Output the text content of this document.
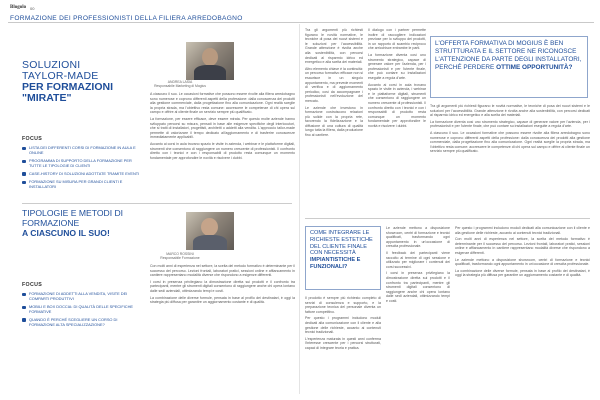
Blogolo 00
FORMAZIONE DEI PROFESSIONISTI DELLA FILIERA ARREDOBAGNO
SOLUZIONI
TAYLOR-MADE
PER FORMAZIONI
"MIRATE"
ANDREA LASIA
Responsabile Marketing di Mogius

A ciascuno il suo. Le occasioni formative che possono essere rivolte alla filiera arredobagno sono numerose e coprono differenti aspetti della professione: dalla conoscenza dei prodotti alla gestione commerciale, dalla progettazione fino alla comunicazione. Ogni realtà sceglie la propria strada, ma l'obiettivo resta comune: accrescere le competenze di chi opera sul campo e offrire al cliente finale un servizio sempre più qualificato.

La formazione, per essere efficace, deve essere mirata. Per questo molte aziende hanno sviluppato percorsi su misura, pensati in base alle esigenze specifiche degli interlocutori, che si tratti di installatori, progettisti, architetti o addetti alla vendita. L'approccio tailor-made permette di valorizzare il tempo dedicato all'aggiornamento e di trasferire conoscenze immediatamente applicabili.

Accanto ai corsi in aula trovano spazio le visite in azienda, i webinar e le piattaforme digitali, strumenti che consentono di raggiungere un numero crescente di professionisti. Il confronto diretto con i tecnici e con i responsabili di prodotto resta comunque un momento fondamentale per approfondire le novità e risolvere i dubbi.

Tra gli argomenti più richiesti figurano le novità normative, le tecniche di posa dei nuovi sistemi e le soluzioni per l'accessibilità. Grande attenzione è rivolta anche alla sostenibilità, con percorsi dedicati al risparmio idrico ed energetico e alla scelta dei materiali.

Altro elemento chiave è la continuità: un percorso formativo efficace non si esaurisce in un singolo appuntamento, ma prevede momenti di verifica e di aggiornamento periodico, così da accompagnare i professionisti nell'evoluzione del mercato.

Le aziende che investono in formazione costruiscono relazioni più solide con la propria rete, favorendo la fidelizzazione e la diffusione di una cultura di qualità lungo tutta la filiera, dalla produzione fino al cantiere.

Il dialogo con i partner permette inoltre di raccogliere indicazioni preziose per lo sviluppo dei prodotti, in un rapporto di scambio reciproco che arricchisce entrambe le parti.

La formazione diventa così uno strumento strategico, capace di generare valore per l'azienda, per i professionisti e per l'utente finale, che può contare su installazioni eseguite a regola d'arte.

Accanto ai corsi in aula trovano spazio le visite in azienda, i webinar e le piattaforme digitali, strumenti che consentono di raggiungere un numero crescente di professionisti. Il confronto diretto con i tecnici e con i responsabili di prodotto resta comunque un momento fondamentale per approfondire le novità e risolvere i dubbi.

L'OFFERTA FORMATIVA DI MOGIUS È BEN STRUTTURATA E IL SETTORE NE RICONOSCE L'ATTENZIONE DA PARTE DEGLI INSTALLATORI, PERCHÉ PERDERE OTTIME OPPORTUNITÀ?

Tra gli argomenti più richiesti figurano le novità normative, le tecniche di posa dei nuovi sistemi e le soluzioni per l'accessibilità. Grande attenzione è rivolta anche alla sostenibilità, con percorsi dedicati al risparmio idrico ed energetico e alla scelta dei materiali.

La formazione diventa così uno strumento strategico, capace di generare valore per l'azienda, per i professionisti e per l'utente finale, che può contare su installazioni eseguite a regola d'arte.

A ciascuno il suo. Le occasioni formative che possono essere rivolte alla filiera arredobagno sono numerose e coprono differenti aspetti della professione: dalla conoscenza dei prodotti alla gestione commerciale, dalla progettazione fino alla comunicazione. Ogni realtà sceglie la propria strada, ma l'obiettivo resta comune: accrescere le competenze di chi opera sul campo e offrire al cliente finale un servizio sempre più qualificato.

FOCUS
LISTA DEI DIFFERENTI CORSI DI FORMAZIONE IN AULA E ONLINE
PROGRAMMA DI SUPPORTO DELLA FORMAZIONE PER TUTTE LE TIPOLOGIE DI CLIENTI
CASE-HISTORY DI SOLUZIONI ADOTTATE TRAMITE EVENTI
FORMAZIONE SU MISURA PER GRANDI CLIENTI E INSTALLATORI
TIPOLOGIE E METODI DI
FORMAZIONE
A CIASCUNO IL SUO!
MARCO ROSSINI
Responsabile Formazione

Con molti anni di esperienza nel settore, la scelta del metodo formativo è determinante per il successo del percorso. Lezioni frontali, laboratori pratici, sessioni online e affiancamento in cantiere rappresentano modalità diverse che rispondono a esigenze differenti.

I corsi in presenza privilegiano la dimostrazione diretta sui prodotti e il confronto tra partecipanti, mentre gli strumenti digitali consentono di raggiungere anche chi opera lontano dalle sedi aziendali, ottimizzando tempi e costi.

La combinazione delle diverse formule, pensata in base al profilo dei destinatari, è oggi la strategia più diffusa per garantire un aggiornamento costante e di qualità.

COME INTEGRARE LE RICHIESTE ESTETICHE DEL CLIENTE FINALE CON NECESSITÀ IMPIANTISTICHE E FUNZIONALI?

Il prodotto è sempre più richiesto completo di servizi di consulenza e supporto, e la preparazione tecnica del personale diventa un fattore competitivo.

Per questo i programmi includono moduli dedicati alla comunicazione con il cliente e alla gestione delle richieste, accanto ai contenuti tecnici tradizionali.

L'esperienza maturata in questi anni conferma l'interesse crescente per i percorsi strutturati, capaci di integrare teoria e pratica.

Le aziende mettono a disposizione showroom, centri di formazione e tecnici qualificati, trasformando ogni appuntamento in un'occasione di crescita professionale.

Il feedback dei partecipanti viene raccolto al termine di ogni sessione e utilizzato per migliorare i contenuti dei corsi successivi.

I corsi in presenza privilegiano la dimostrazione diretta sui prodotti e il confronto tra partecipanti, mentre gli strumenti digitali consentono di raggiungere anche chi opera lontano dalle sedi aziendali, ottimizzando tempi e costi.

Per questo i programmi includono moduli dedicati alla comunicazione con il cliente e alla gestione delle richieste, accanto ai contenuti tecnici tradizionali.

Con molti anni di esperienza nel settore, la scelta del metodo formativo è determinante per il successo del percorso. Lezioni frontali, laboratori pratici, sessioni online e affiancamento in cantiere rappresentano modalità diverse che rispondono a esigenze differenti.

Le aziende mettono a disposizione showroom, centri di formazione e tecnici qualificati, trasformando ogni appuntamento in un'occasione di crescita professionale.

La combinazione delle diverse formule, pensata in base al profilo dei destinatari, è oggi la strategia più diffusa per garantire un aggiornamento costante e di qualità.

FOCUS
FORMAZIONE DI ADDETTI ALLA VENDITA, VISITE DEI COMPARTI PRODUTTIVI
MOBILI E BOX DOCCIA: DI QUALITÀ DELLE SPECIFICHE FORMATIVE
QUANDO È PERCHÉ SCEGLIERE UN CORSO DI FORMAZIONE ALTA SPECIALIZZAZIONE?
